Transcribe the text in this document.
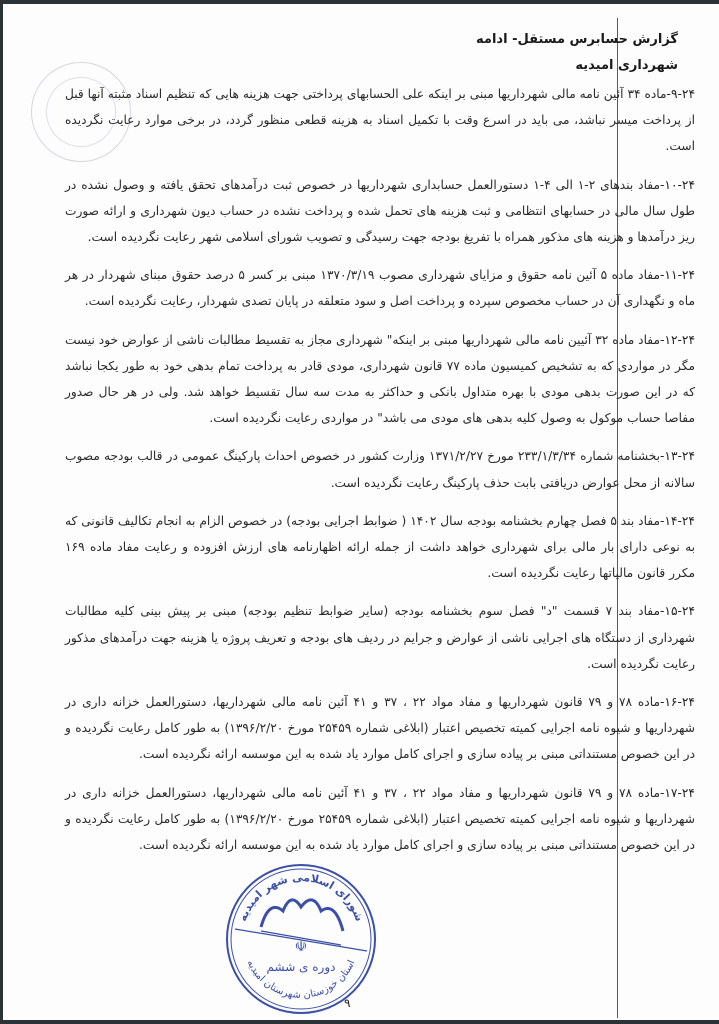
گزارش حسابرس مستقل- ادامه
شهرداری امیدیه
۹-۲۴-ماده ۳۴ آئین نامه مالی شهرداریها مبنی بر اینکه علی الحسابهای پرداختی جهت هزینه هایی که تنظیم اسناد مثبته آنها قبل از پرداخت میسر نباشد، می باید در اسرع وقت با تکمیل اسناد به هزینه قطعی منظور گردد، در برخی موارد رعایت نگردیده است.
۱۰-۲۴-مفاد بندهای ۲-۱ الی ۴-۱ دستورالعمل حسابداری شهرداریها در خصوص ثبت درآمدهای تحقق یافته و وصول نشده در طول سال مالی در حسابهای انتظامی و ثبت هزینه های تحمل شده و پرداخت نشده در حساب دیون شهرداری و ارائه صورت ریز درآمدها و هزینه های مذکور همراه با تفریغ بودجه جهت رسیدگی و تصویب شورای اسلامی شهر رعایت نگردیده است.
۱۱-۲۴-مفاد ماده ۵ آئین نامه حقوق و مزایای شهرداری مصوب ۱۳۷۰/۳/۱۹ مبنی بر کسر ۵ درصد حقوق مبنای شهردار در هر ماه و نگهداری آن در حساب مخصوص سپرده و پرداخت اصل و سود متعلقه در پایان تصدی شهردار، رعایت نگردیده است.
۱۲-۲۴-مفاد ماده ۳۲ آئیین نامه مالی شهرداریها مبنی بر اینکه" شهرداری مجاز به تقسیط مطالبات ناشی از عوارض خود نیست مگر در مواردی که به تشخیص کمیسیون ماده ۷۷ قانون شهرداری، مودی قادر به پرداخت تمام بدهی خود به طور یکجا نباشد که در این صورت بدهی مودی با بهره متداول بانکی و حداکثر به مدت سه سال تقسیط خواهد شد. ولی در هر حال صدور مفاصا حساب موکول به وصول کلیه بدهی های مودی می باشد" در مواردی رعایت نگردیده است.
۱۳-۲۴-بخشنامه شماره ۲۳۳/۱/۳/۳۴ مورخ ۱۳۷۱/۲/۲۷ وزارت کشور در خصوص احداث پارکینگ عمومی در قالب بودجه مصوب سالانه از محل عوارض دریافتی بابت حذف پارکینگ رعایت نگردیده است.
۱۴-۲۴-مفاد بند ۵ فصل چهارم بخشنامه بودجه سال ۱۴۰۲ ( ضوابط اجرایی بودجه) در خصوص الزام به انجام تکالیف قانونی که به نوعی دارای بار مالی برای شهرداری خواهد داشت از جمله ارائه اظهارنامه های ارزش افزوده و رعایت مفاد ماده ۱۶۹ مکرر قانون مالیاتها رعایت نگردیده است.
۱۵-۲۴-مفاد بند ۷ قسمت "د" فصل سوم بخشنامه بودجه (سایر ضوابط تنظیم بودجه) مبنی بر پیش بینی کلیه مطالبات شهرداری از دستگاه های اجرایی ناشی از عوارض و جرایم در ردیف های بودجه و تعریف پروژه یا هزینه جهت درآمدهای مذکور رعایت نگردیده است.
۱۶-۲۴-ماده ۷۸ و ۷۹ قانون شهرداریها و مفاد مواد ۲۲ ، ۳۷ و ۴۱ آئین نامه مالی شهرداریها، دستورالعمل خزانه داری در شهرداریها و شیوه نامه اجرایی کمیته تخصیص اعتبار (ابلاغی شماره ۲۵۴۵۹ مورخ ۱۳۹۶/۲/۲۰) به طور کامل رعایت نگردیده و در این خصوص مستنداتی مبنی بر پیاده سازی و اجرای کامل موارد یاد شده به این موسسه ارائه نگردیده است.
۱۷-۲۴-ماده ۷۸ و ۷۹ قانون شهرداریها و مفاد مواد ۲۲ ، ۳۷ و ۴۱ آئین نامه مالی شهرداریها، دستورالعمل خزانه داری در شهرداریها و شیوه نامه اجرایی کمیته تخصیص اعتبار (ابلاغی شماره ۲۵۴۵۹ مورخ ۱۳۹۶/۲/۲۰) به طور کامل رعایت نگردیده و در این خصوص مستنداتی مبنی بر پیاده سازی و اجرای کامل موارد یاد شده به این موسسه ارائه نگردیده است.
شورای اسلامی شهر امیدیه
دوره ی ششم
استان خوزستان شهرستان امیدیه
☫
۹
